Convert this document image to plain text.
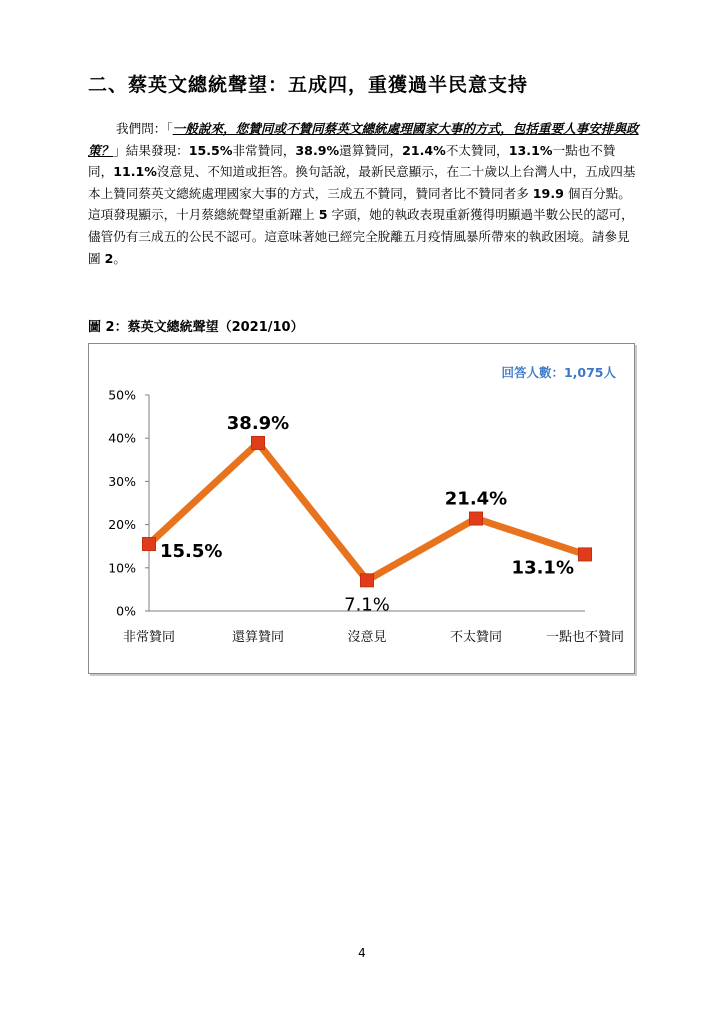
二、蔡英文總統聲望：五成四，重獲過半民意支持

我們問：「一般說來，您贊同或不贊同蔡英文總統處理國家大事的方式，包括重要人事安排與政策？」結果發現：15.5%非常贊同，38.9%還算贊同，21.4%不太贊同，13.1%一點也不贊同，11.1%沒意見、不知道或拒答。換句話說，最新民意顯示，在二十歲以上台灣人中，五成四基本上贊同蔡英文總統處理國家大事的方式，三成五不贊同，贊同者比不贊同者多 19.9 個百分點。這項發現顯示，十月蔡總統聲望重新躍上 5 字頭，她的執政表現重新獲得明顯過半數公民的認可，儘管仍有三成五的公民不認可。這意味著她已經完全脫離五月疫情風暴所帶來的執政困境。請參見圖 2。

圖 2：蔡英文總統聲望（2021/10）
回答人數：1,075人
0%
10%
20%
30%
40%
50%
非常贊同	還算贊同	沒意見	不太贊同	一點也不贊同
15.5%
38.9%
7.1%
21.4%
13.1%
4
